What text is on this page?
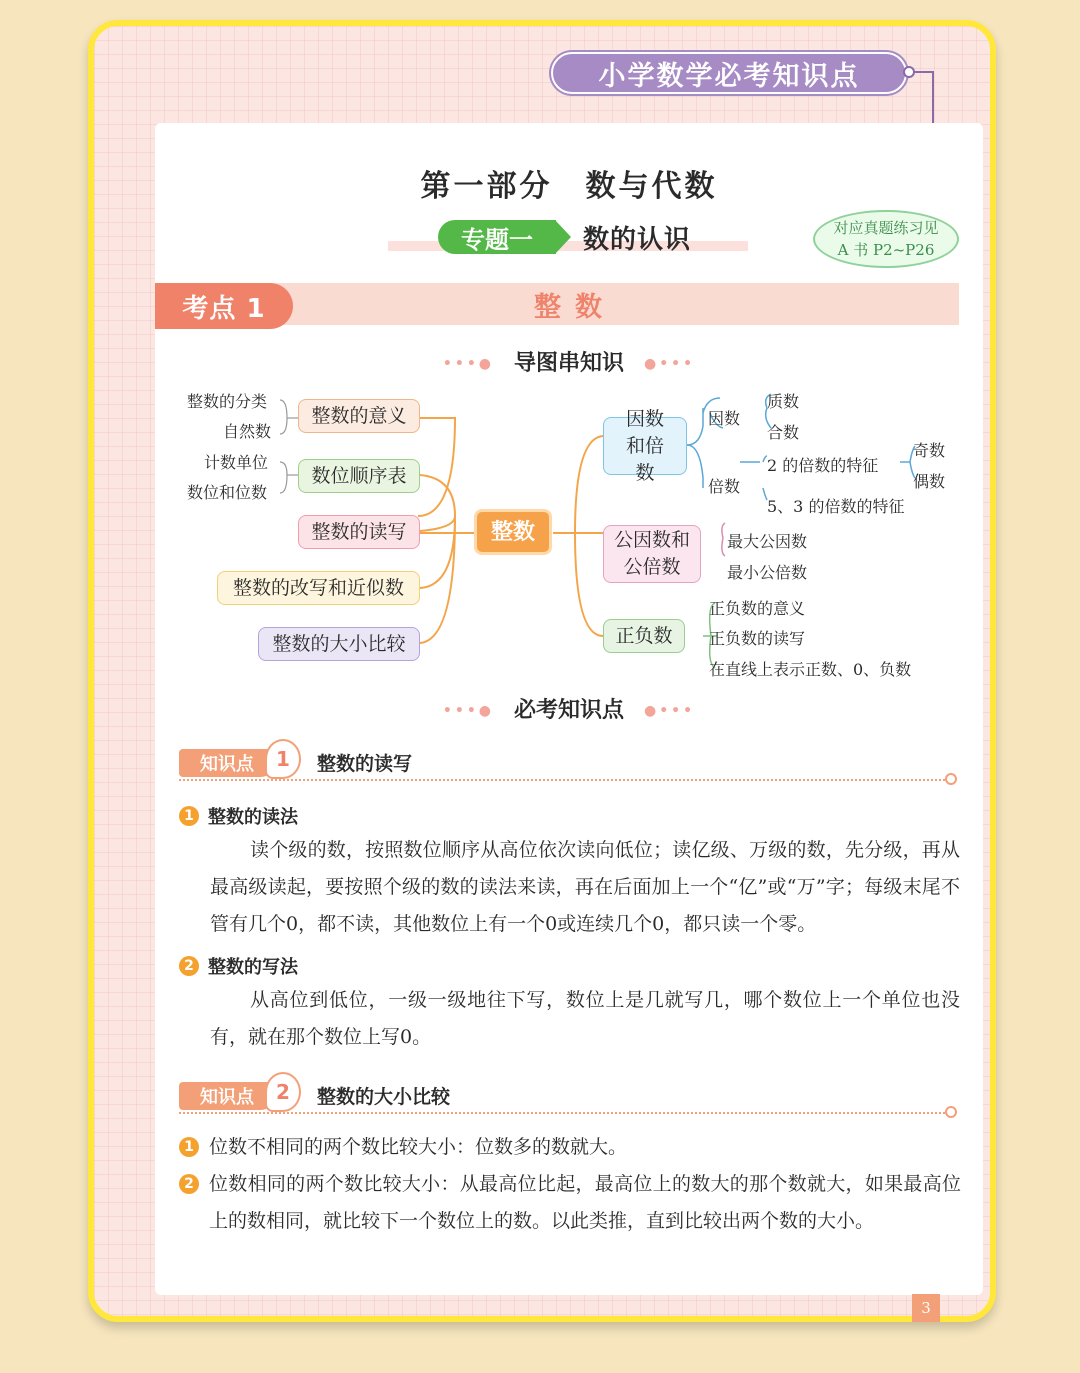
小学数学必考知识点
第一部分　数与代数
专题一	数的认识	对应真题练习见
A 书 P2~P26
考点 1	整数
•••● 导图串知识 ●•••
整数的分类
自然数
计数单位
数位和位数
整数的意义
数位顺序表
整数的读写
整数的改写和近似数
整数的大小比较
整数
因数和倍数
公因数和公倍数
正负数
因数
质数
合数
倍数
2 的倍数的特征
5、3 的倍数的特征
奇数
偶数
最大公因数
最小公倍数
正负数的意义
正负数的读写
在直线上表示正数、0、负数
•••● 必考知识点 ●•••
知识点	1	整数的读写
1 整数的读法
读个级的数，按照数位顺序从高位依次读向低位；读亿级、万级的数，先分级，再从最高级读起，要按照个级的数的读法来读，再在后面加上一个“亿”或“万”字；每级末尾不管有几个0，都不读，其他数位上有一个0或连续几个0，都只读一个零。
2 整数的写法
从高位到低位，一级一级地往下写，数位上是几就写几，哪个数位上一个单位也没有，就在那个数位上写0。
知识点	2	整数的大小比较
1 位数不相同的两个数比较大小：位数多的数就大。
2 位数相同的两个数比较大小：从最高位比起，最高位上的数大的那个数就大，如果最高位上的数相同，就比较下一个数位上的数。以此类推，直到比较出两个数的大小。
3
